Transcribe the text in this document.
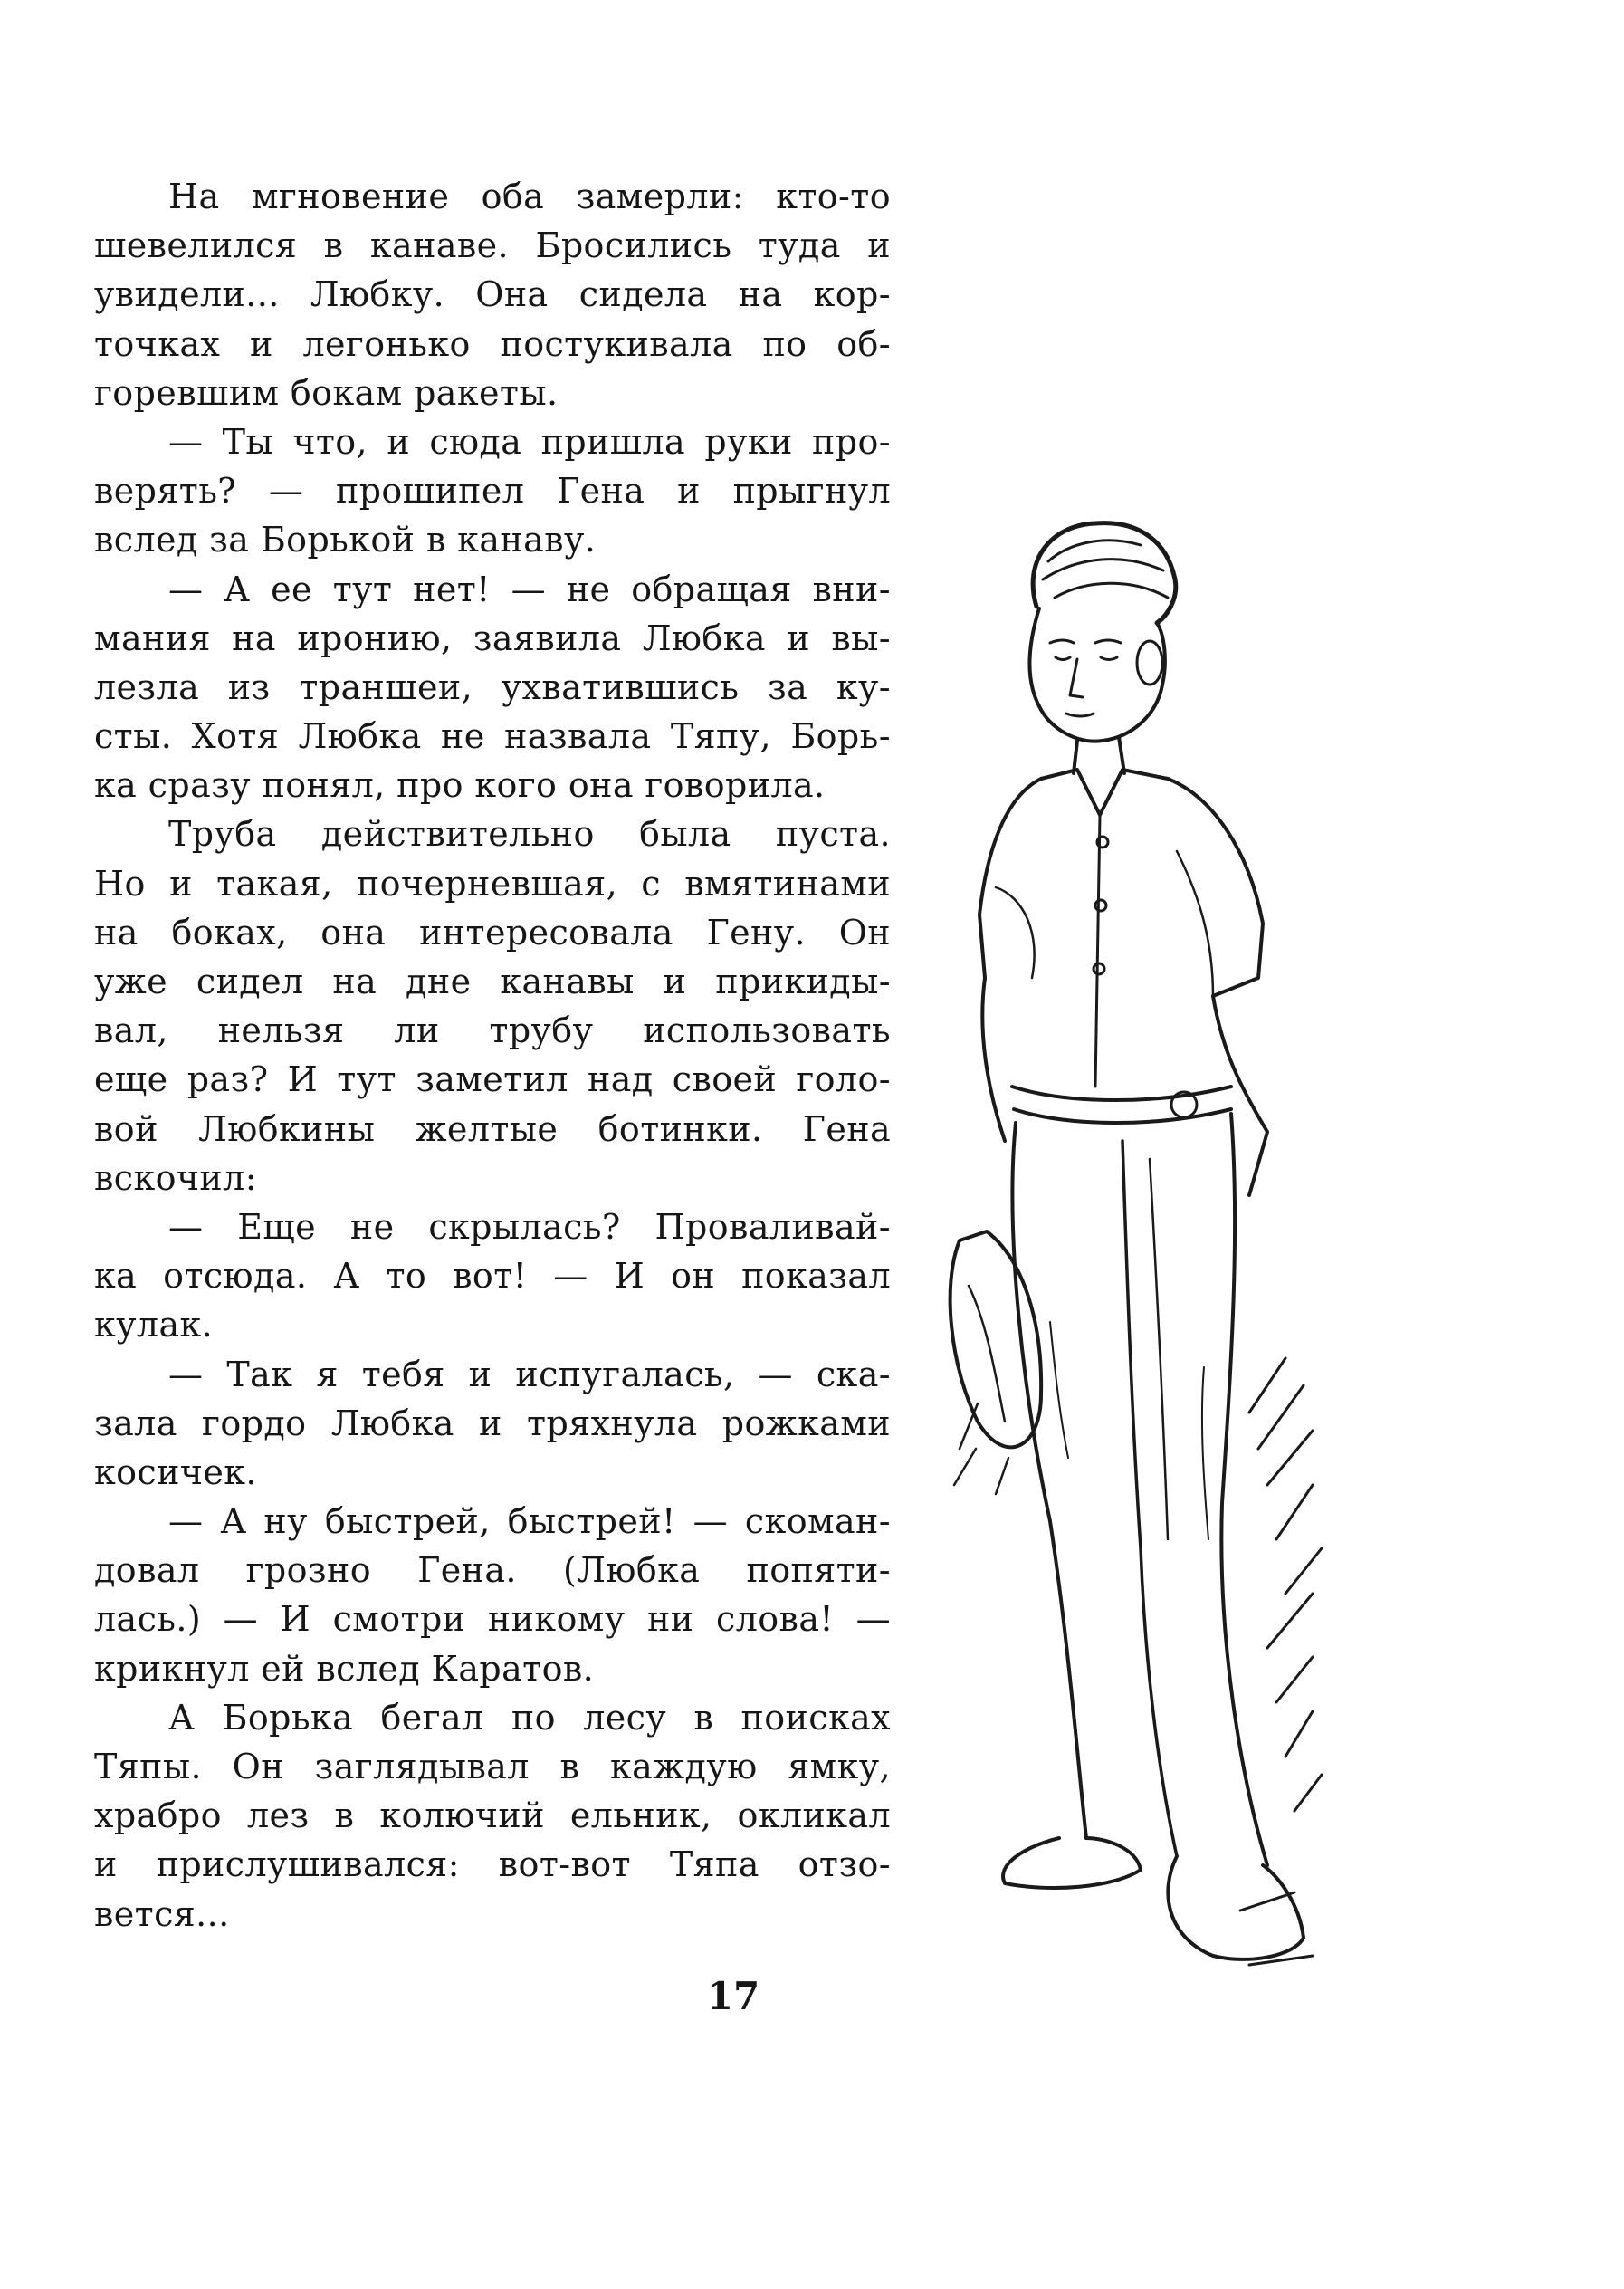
На мгновение оба замерли: кто-то
шевелился в канаве. Бросились туда и
увидели... Любку. Она сидела на кор-
точках и легонько постукивала по об-
горевшим бокам ракеты.
— Ты что, и сюда пришла руки про-
верять? — прошипел Гена и прыгнул
вслед за Борькой в канаву.
— А ее тут нет! — не обращая вни-
мания на иронию, заявила Любка и вы-
лезла из траншеи, ухватившись за ку-
сты. Хотя Любка не назвала Тяпу, Борь-
ка сразу понял, про кого она говорила.
Труба действительно была пуста.
Но и такая, почерневшая, с вмятинами
на боках, она интересовала Гену. Он
уже сидел на дне канавы и прикиды-
вал, нельзя ли трубу использовать
еще раз? И тут заметил над своей голо-
вой Любкины желтые ботинки. Гена
вскочил:
— Еще не скрылась? Проваливай-
ка отсюда. А то вот! — И он показал
кулак.
— Так я тебя и испугалась, — ска-
зала гордо Любка и тряхнула рожками
косичек.
— А ну быстрей, быстрей! — скоман-
довал грозно Гена. (Любка попяти-
лась.) — И смотри никому ни слова! —
крикнул ей вслед Каратов.
А Борька бегал по лесу в поисках
Тяпы. Он заглядывал в каждую ямку,
храбро лез в колючий ельник, окликал
и прислушивался: вот-вот Тяпа отзо-
вется...
17
